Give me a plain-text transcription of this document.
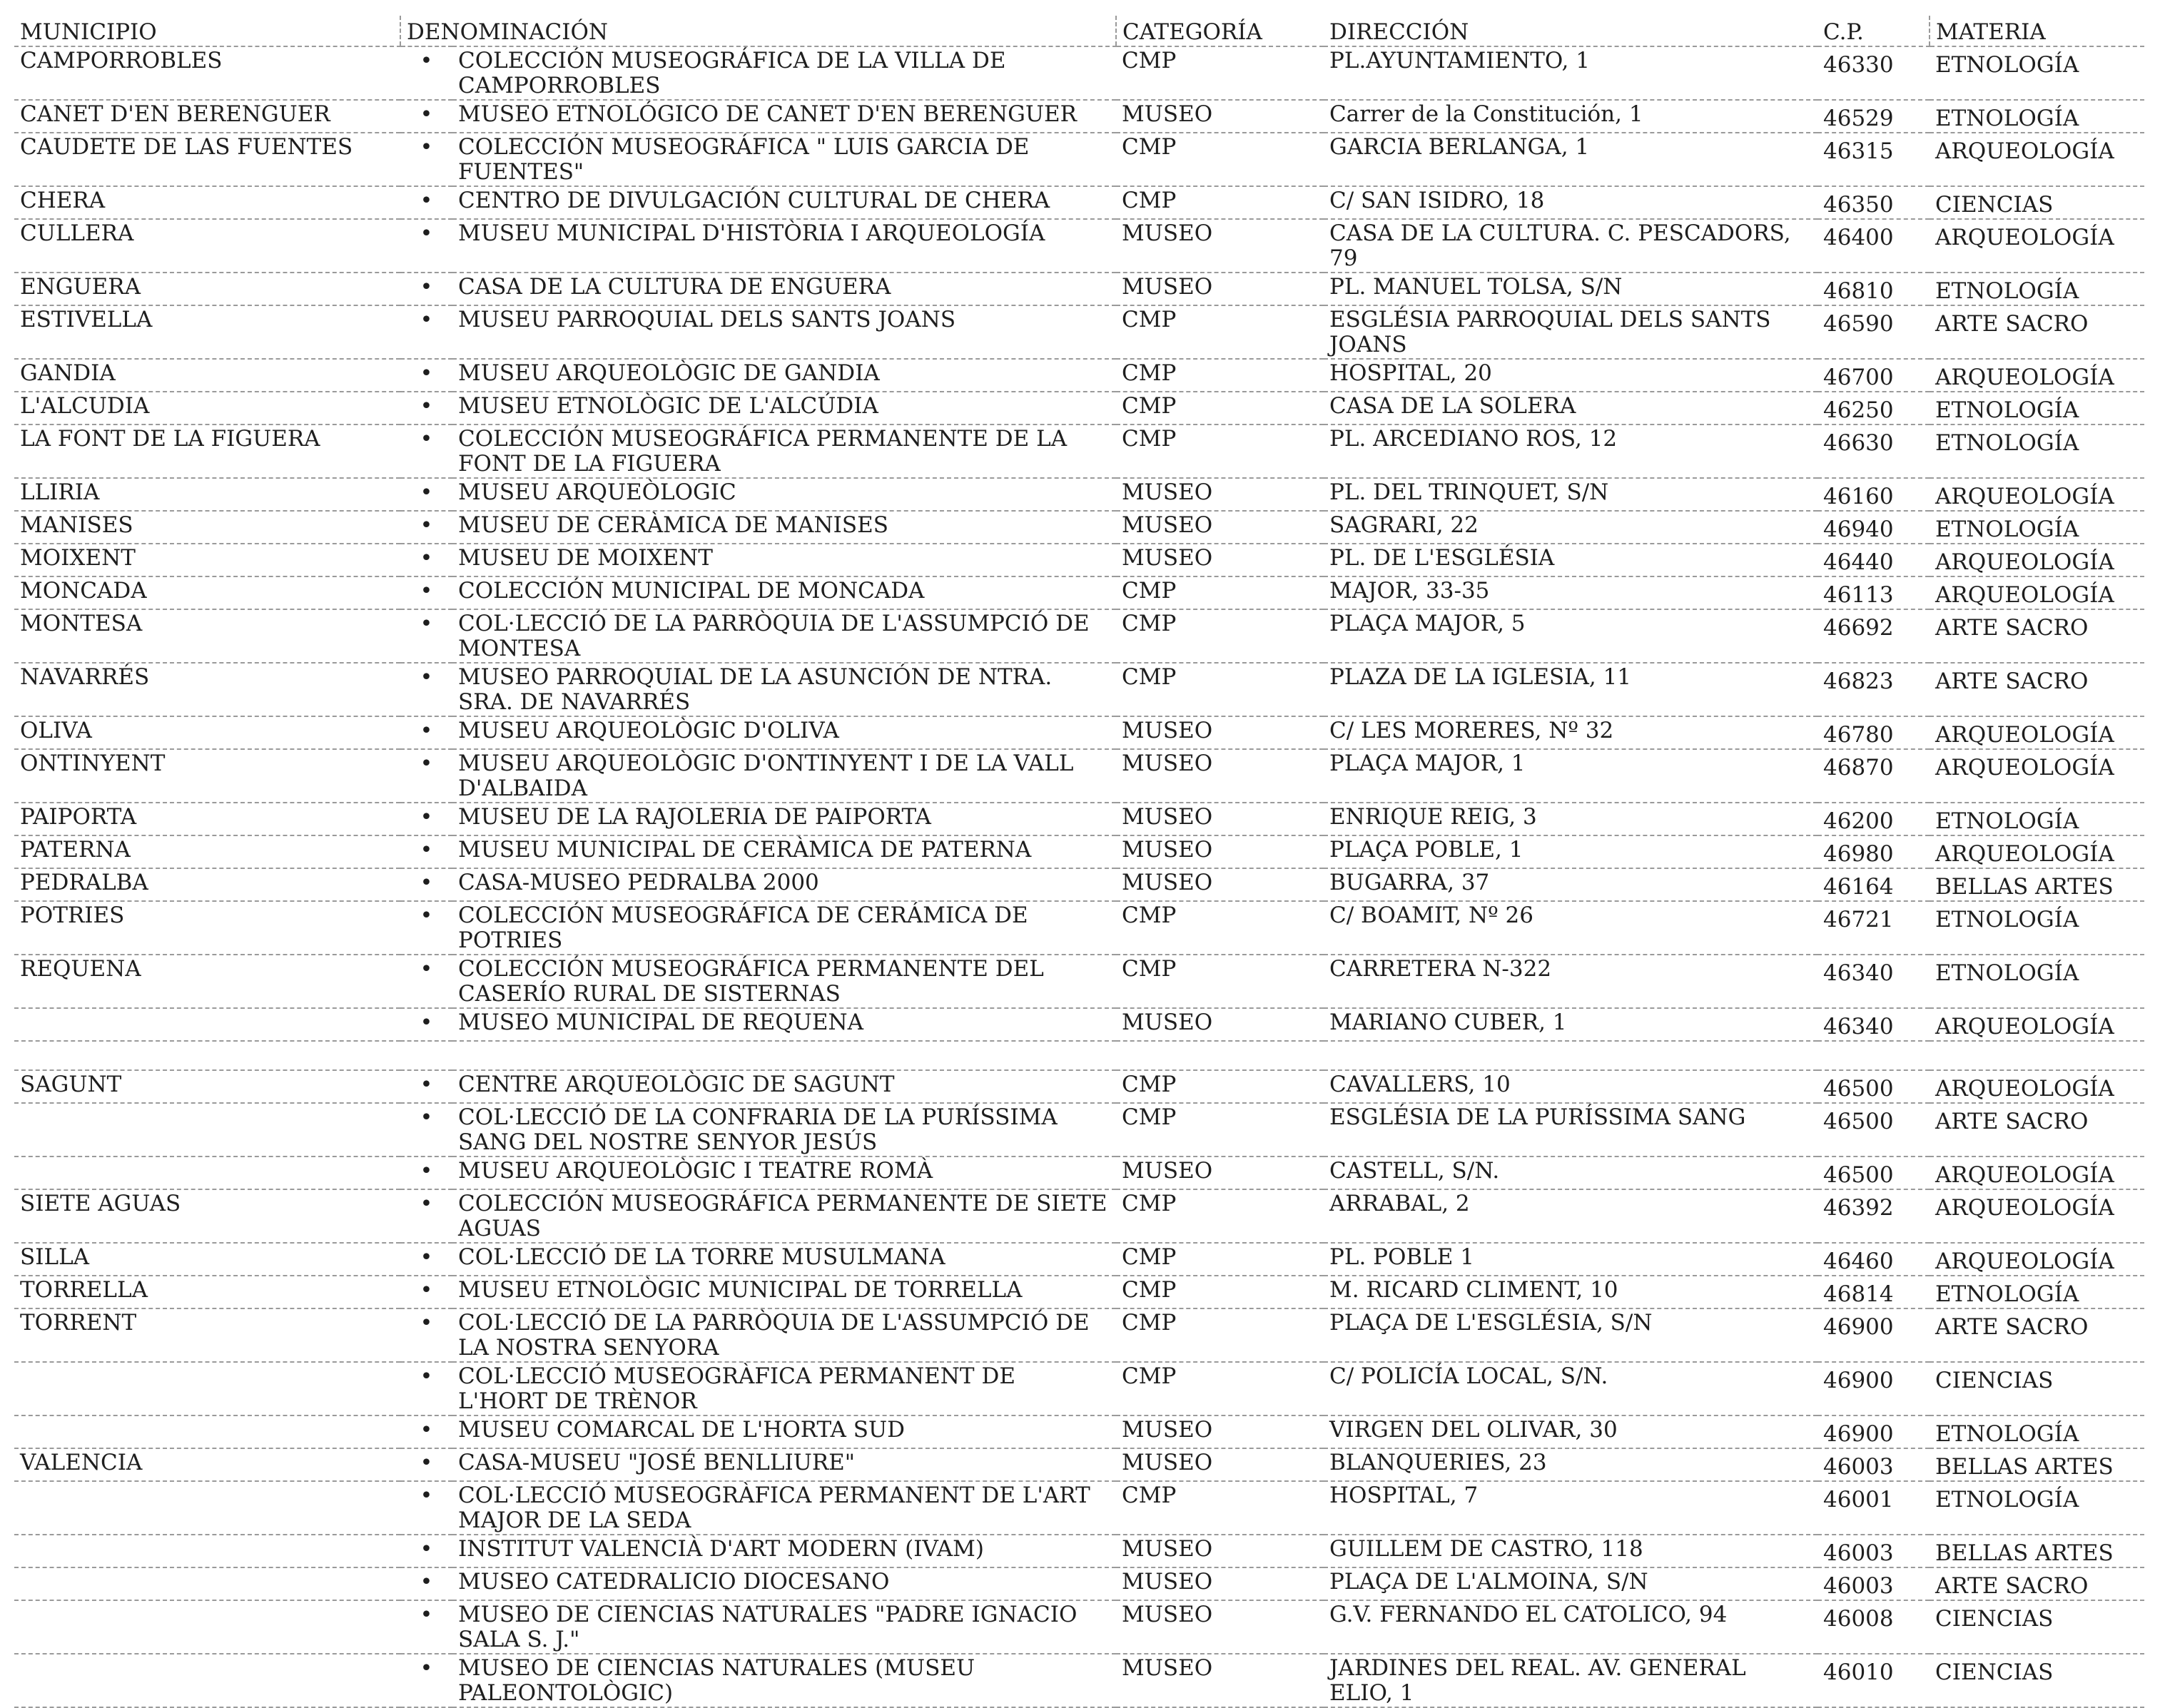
MUNICIPIO	DENOMINACIÓN		CATEGORÍA	DIRECCIÓN	C.P.	MATERIA
CAMPORROBLES	•	COLECCIÓN MUSEOGRÁFICA DE LA VILLA DE CAMPORROBLES	CMP	PL.AYUNTAMIENTO, 1	46330	ETNOLOGÍA
CANET D'EN BERENGUER	•	MUSEO ETNOLÓGICO DE CANET D'EN BERENGUER	MUSEO	Carrer de la Constitución, 1	46529	ETNOLOGÍA
CAUDETE DE LAS FUENTES	•	COLECCIÓN MUSEOGRÁFICA " LUIS GARCIA DE FUENTES"	CMP	GARCIA BERLANGA, 1	46315	ARQUEOLOGÍA
CHERA	•	CENTRO DE DIVULGACIÓN CULTURAL DE CHERA	CMP	C/ SAN ISIDRO, 18	46350	CIENCIAS
CULLERA	•	MUSEU MUNICIPAL D'HISTÒRIA I ARQUEOLOGÍA	MUSEO	CASA DE LA CULTURA. C. PESCADORS, 79	46400	ARQUEOLOGÍA
ENGUERA	•	CASA DE LA CULTURA DE ENGUERA	MUSEO	PL. MANUEL TOLSA, S/N	46810	ETNOLOGÍA
ESTIVELLA	•	MUSEU PARROQUIAL DELS SANTS JOANS	CMP	ESGLÉSIA PARROQUIAL DELS SANTS JOANS	46590	ARTE SACRO
GANDIA	•	MUSEU ARQUEOLÒGIC DE GANDIA	CMP	HOSPITAL, 20	46700	ARQUEOLOGÍA
L'ALCUDIA	•	MUSEU ETNOLÒGIC DE L'ALCÚDIA	CMP	CASA DE LA SOLERA	46250	ETNOLOGÍA
LA FONT DE LA FIGUERA	•	COLECCIÓN MUSEOGRÁFICA PERMANENTE DE LA FONT DE LA FIGUERA	CMP	PL. ARCEDIANO ROS, 12	46630	ETNOLOGÍA
LLIRIA	•	MUSEU ARQUEÒLOGIC	MUSEO	PL. DEL TRINQUET, S/N	46160	ARQUEOLOGÍA
MANISES	•	MUSEU DE CERÀMICA DE MANISES	MUSEO	SAGRARI, 22	46940	ETNOLOGÍA
MOIXENT	•	MUSEU DE MOIXENT	MUSEO	PL. DE L'ESGLÉSIA	46440	ARQUEOLOGÍA
MONCADA	•	COLECCIÓN MUNICIPAL DE MONCADA	CMP	MAJOR, 33-35	46113	ARQUEOLOGÍA
MONTESA	•	COL·LECCIÓ DE LA PARRÒQUIA DE L'ASSUMPCIÓ DE MONTESA	CMP	PLAÇA MAJOR, 5	46692	ARTE SACRO
NAVARRÉS	•	MUSEO PARROQUIAL DE LA ASUNCIÓN DE NTRA. SRA. DE NAVARRÉS	CMP	PLAZA DE LA IGLESIA, 11	46823	ARTE SACRO
OLIVA	•	MUSEU ARQUEOLÒGIC D'OLIVA	MUSEO	C/ LES MORERES, Nº 32	46780	ARQUEOLOGÍA
ONTINYENT	•	MUSEU ARQUEOLÒGIC D'ONTINYENT I DE LA VALL D'ALBAIDA	MUSEO	PLAÇA MAJOR, 1	46870	ARQUEOLOGÍA
PAIPORTA	•	MUSEU DE LA RAJOLERIA DE PAIPORTA	MUSEO	ENRIQUE REIG, 3	46200	ETNOLOGÍA
PATERNA	•	MUSEU MUNICIPAL DE CERÀMICA DE PATERNA	MUSEO	PLAÇA POBLE, 1	46980	ARQUEOLOGÍA
PEDRALBA	•	CASA-MUSEO PEDRALBA 2000	MUSEO	BUGARRA, 37	46164	BELLAS ARTES
POTRIES	•	COLECCIÓN MUSEOGRÁFICA DE CERÁMICA DE POTRIES	CMP	C/ BOAMIT, Nº 26	46721	ETNOLOGÍA
REQUENA	•	COLECCIÓN MUSEOGRÁFICA PERMANENTE DEL CASERÍO RURAL DE SISTERNAS	CMP	CARRETERA N-322	46340	ETNOLOGÍA
	•	MUSEO MUNICIPAL DE REQUENA	MUSEO	MARIANO CUBER, 1	46340	ARQUEOLOGÍA

SAGUNT	•	CENTRE ARQUEOLÒGIC DE SAGUNT	CMP	CAVALLERS, 10	46500	ARQUEOLOGÍA
	•	COL·LECCIÓ DE LA CONFRARIA DE LA PURÍSSIMA SANG DEL NOSTRE SENYOR JESÚS	CMP	ESGLÉSIA DE LA PURÍSSIMA SANG	46500	ARTE SACRO
	•	MUSEU ARQUEOLÒGIC I TEATRE ROMÀ	MUSEO	CASTELL, S/N.	46500	ARQUEOLOGÍA
SIETE AGUAS	•	COLECCIÓN MUSEOGRÁFICA PERMANENTE DE SIETE AGUAS	CMP	ARRABAL, 2	46392	ARQUEOLOGÍA
SILLA	•	COL·LECCIÓ DE LA TORRE MUSULMANA	CMP	PL. POBLE 1	46460	ARQUEOLOGÍA
TORRELLA	•	MUSEU ETNOLÒGIC MUNICIPAL DE TORRELLA	CMP	M. RICARD CLIMENT, 10	46814	ETNOLOGÍA
TORRENT	•	COL·LECCIÓ DE LA PARRÒQUIA DE L'ASSUMPCIÓ DE LA NOSTRA SENYORA	CMP	PLAÇA DE L'ESGLÉSIA, S/N	46900	ARTE SACRO
	•	COL·LECCIÓ MUSEOGRÀFICA PERMANENT DE L'HORT DE TRÈNOR	CMP	C/ POLICÍA LOCAL, S/N.	46900	CIENCIAS
	•	MUSEU COMARCAL DE L'HORTA SUD	MUSEO	VIRGEN DEL OLIVAR, 30	46900	ETNOLOGÍA
VALENCIA	•	CASA-MUSEU "JOSÉ BENLLIURE"	MUSEO	BLANQUERIES, 23	46003	BELLAS ARTES
	•	COL·LECCIÓ MUSEOGRÀFICA PERMANENT DE L'ART MAJOR DE LA SEDA	CMP	HOSPITAL, 7	46001	ETNOLOGÍA
	•	INSTITUT VALENCIÀ D'ART MODERN (IVAM)	MUSEO	GUILLEM DE CASTRO, 118	46003	BELLAS ARTES
	•	MUSEO CATEDRALICIO DIOCESANO	MUSEO	PLAÇA DE L'ALMOINA, S/N	46003	ARTE SACRO
	•	MUSEO DE CIENCIAS NATURALES "PADRE IGNACIO SALA S. J."	MUSEO	G.V. FERNANDO EL CATOLICO, 94	46008	CIENCIAS
	•	MUSEO DE CIENCIAS NATURALES (MUSEU PALEONTOLÒGIC)	MUSEO	JARDINES DEL REAL. AV. GENERAL ELIO, 1	46010	CIENCIAS
